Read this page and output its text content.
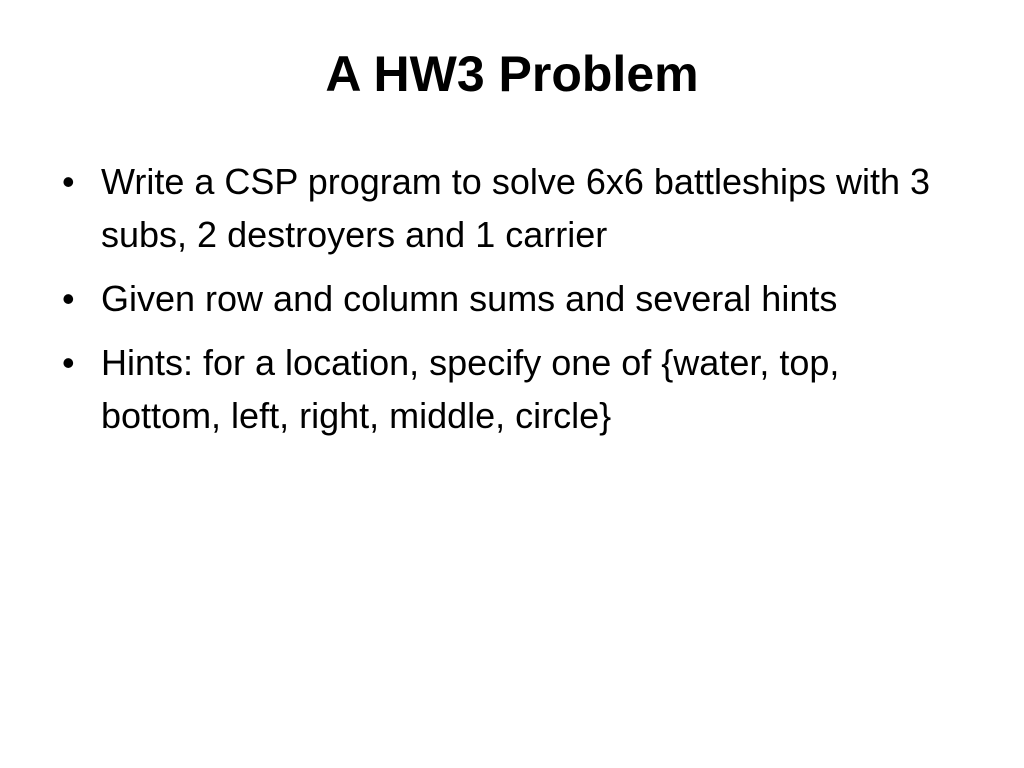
A HW3 Problem
• Write a CSP program to solve 6x6 battleships with 3 subs, 2 destroyers and 1 carrier
• Given row and column sums and several hints
• Hints: for a location, specify one of {water, top, bottom, left, right, middle, circle}
